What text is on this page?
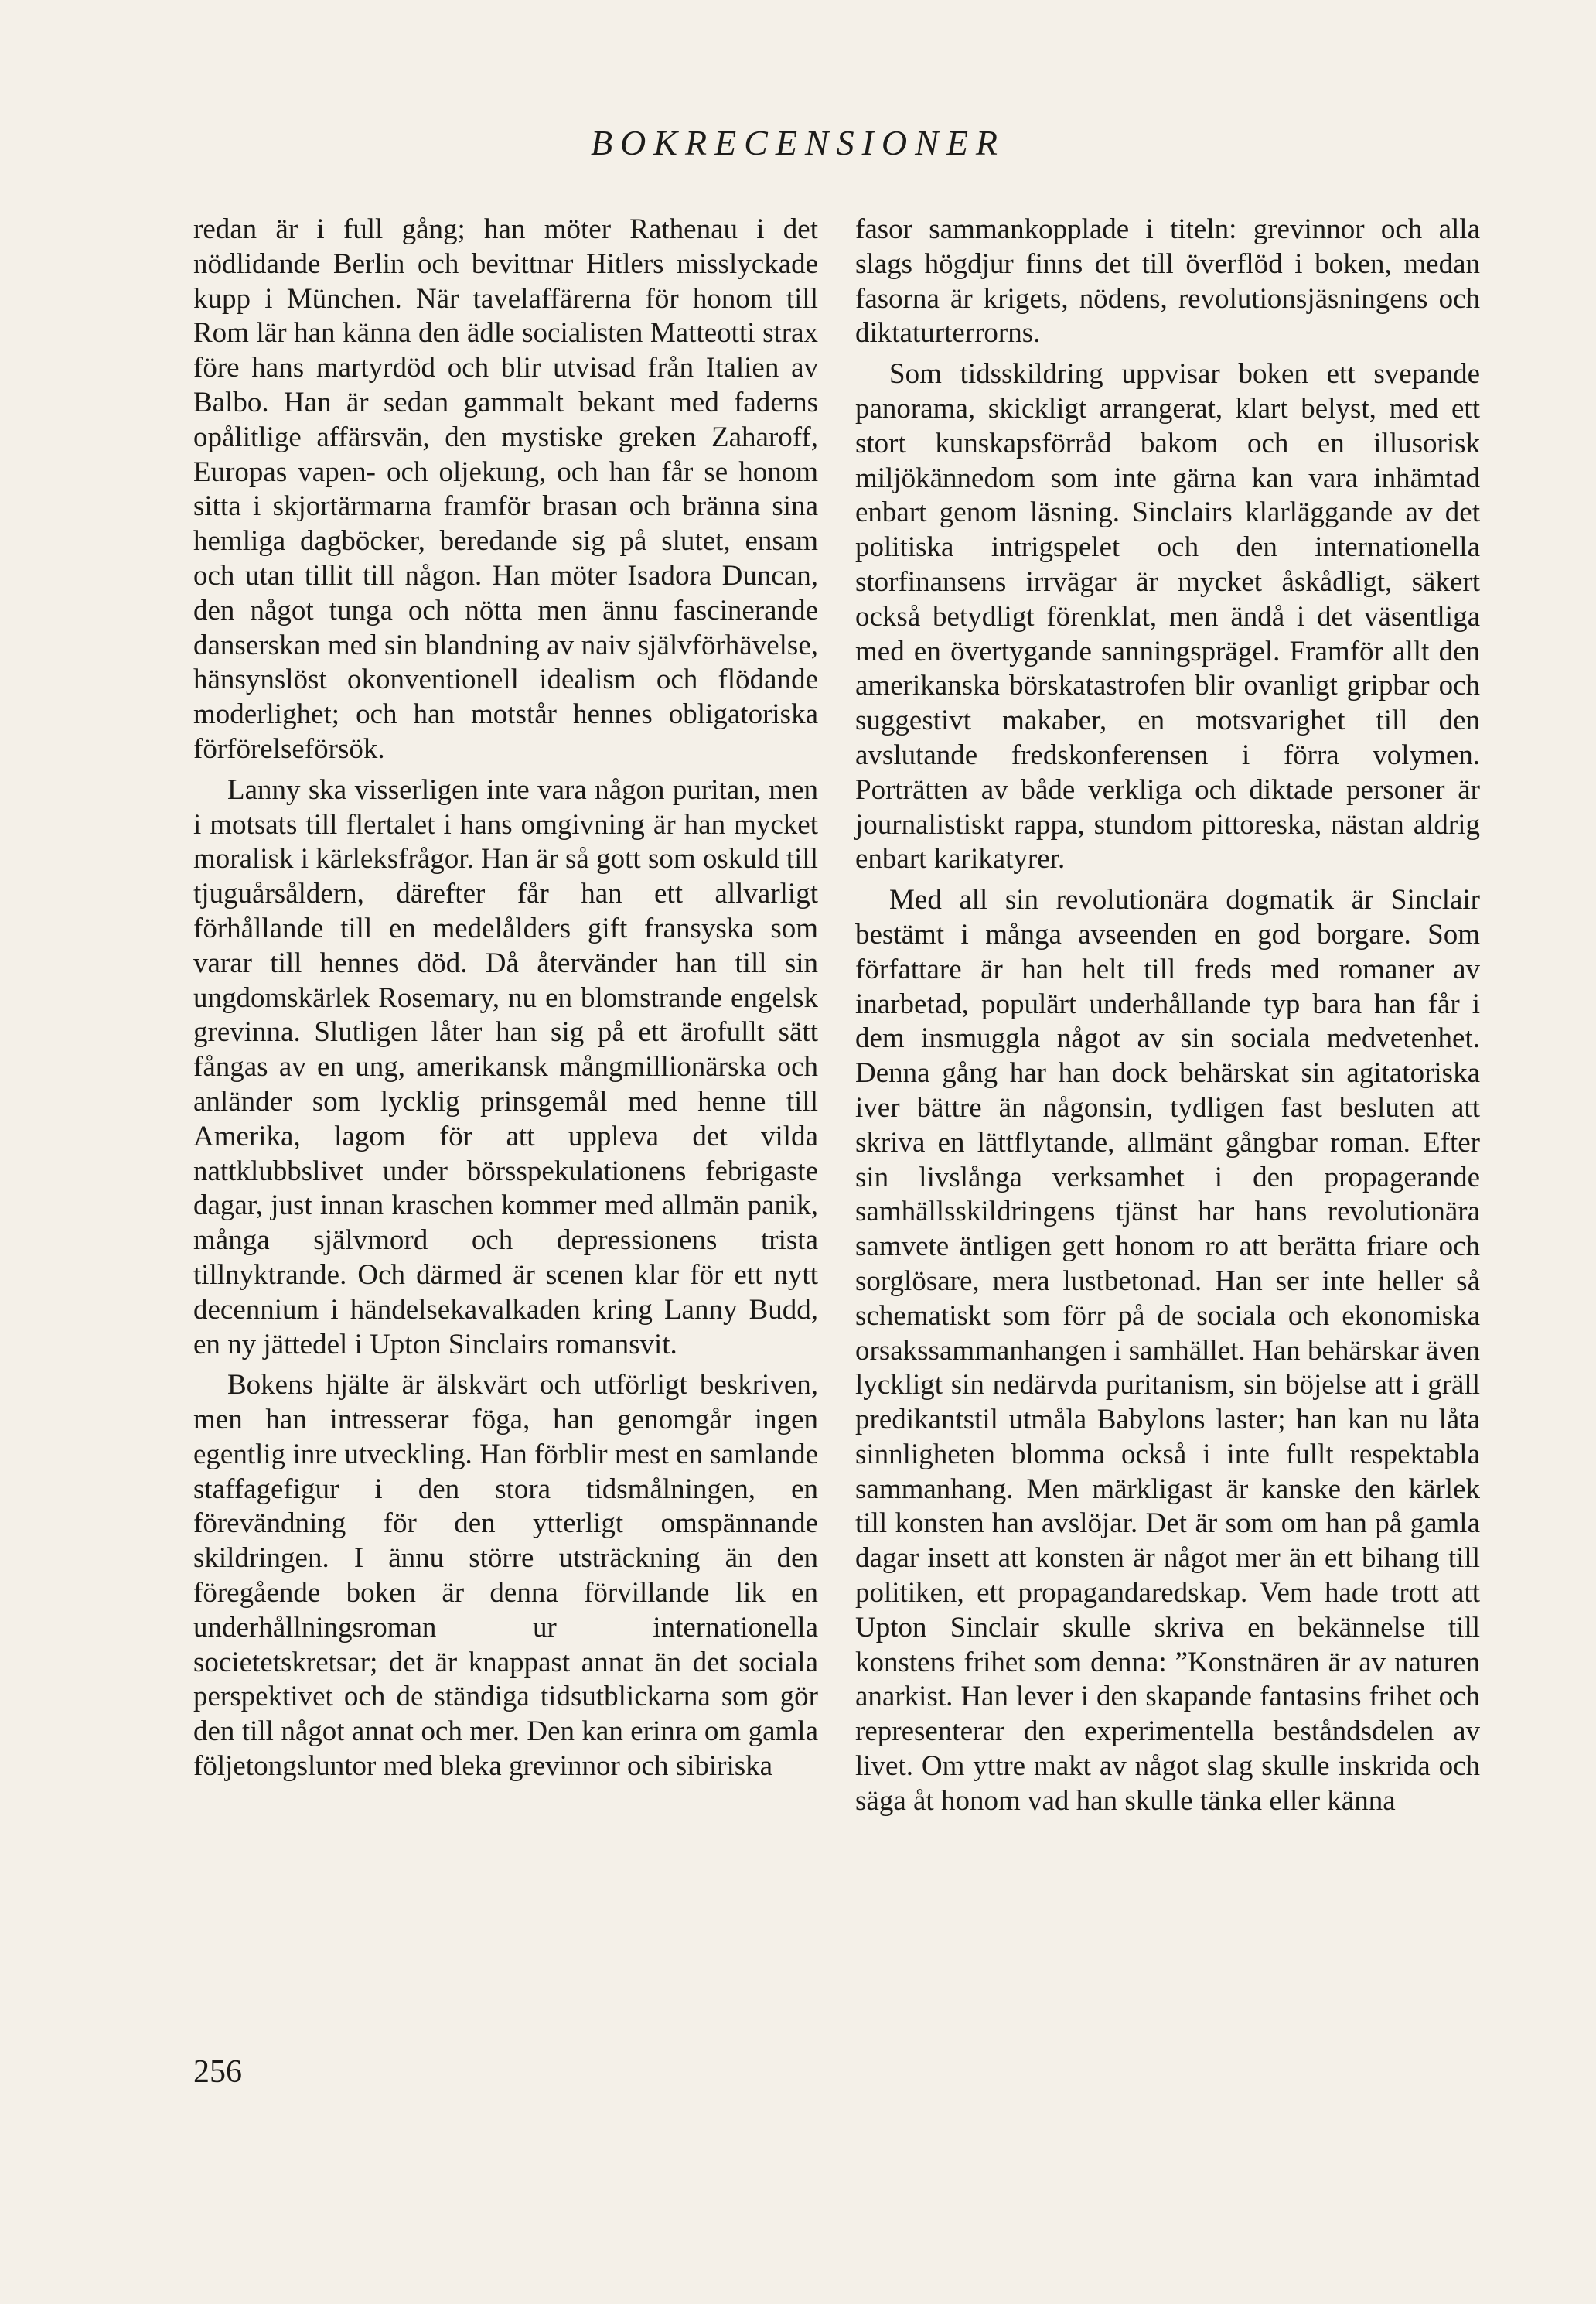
BOKRECENSIONER

redan är i full gång; han möter Rathenau i det nödlidande Berlin och bevittnar Hitlers misslyckade kupp i München. När tavelaffärerna för honom till Rom lär han känna den ädle socialisten Matteotti strax före hans martyrdöd och blir utvisad från Italien av Balbo. Han är sedan gammalt bekant med faderns opålitlige affärsvän, den mystiske greken Zaharoff, Europas vapen- och oljekung, och han får se honom sitta i skjortärmarna framför brasan och bränna sina hemliga dagböcker, beredande sig på slutet, ensam och utan tillit till någon. Han möter Isadora Duncan, den något tunga och nötta men ännu fascinerande danserskan med sin blandning av naiv självförhävelse, hänsynslöst okonventionell idealism och flödande moderlighet; och han motstår hennes obligatoriska förförelseförsök.

Lanny ska visserligen inte vara någon puritan, men i motsats till flertalet i hans omgivning är han mycket moralisk i kärleksfrågor. Han är så gott som oskuld till tjuguårsåldern, därefter får han ett allvarligt förhållande till en medelålders gift fransyska som varar till hennes död. Då återvänder han till sin ungdomskärlek Rosemary, nu en blomstrande engelsk grevinna. Slutligen låter han sig på ett ärofullt sätt fångas av en ung, amerikansk mångmillionärska och anländer som lycklig prinsgemål med henne till Amerika, lagom för att uppleva det vilda nattklubbslivet under börsspekulationens febrigaste dagar, just innan kraschen kommer med allmän panik, många självmord och depressionens trista tillnyktrande. Och därmed är scenen klar för ett nytt decennium i händelsekavalkaden kring Lanny Budd, en ny jättedel i Upton Sinclairs romansvit.

Bokens hjälte är älskvärt och utförligt beskriven, men han intresserar föga, han genomgår ingen egentlig inre utveckling. Han förblir mest en samlande staffagefigur i den stora tidsmålningen, en förevändning för den ytterligt omspännande skildringen. I ännu större utsträckning än den föregående boken är denna förvillande lik en underhållningsroman ur internationella societetskretsar; det är knappast annat än det sociala perspektivet och de ständiga tidsutblickarna som gör den till något annat och mer. Den kan erinra om gamla följetongsluntor med bleka grevinnor och sibiriska

fasor sammankopplade i titeln: grevinnor och alla slags högdjur finns det till överflöd i boken, medan fasorna är krigets, nödens, revolutionsjäsningens och diktaturterrorns.

Som tidsskildring uppvisar boken ett svepande panorama, skickligt arrangerat, klart belyst, med ett stort kunskapsförråd bakom och en illusorisk miljökännedom som inte gärna kan vara inhämtad enbart genom läsning. Sinclairs klarläggande av det politiska intrigspelet och den internationella storfinansens irrvägar är mycket åskådligt, säkert också betydligt förenklat, men ändå i det väsentliga med en övertygande sanningsprägel. Framför allt den amerikanska börskatastrofen blir ovanligt gripbar och suggestivt makaber, en motsvarighet till den avslutande fredskonferensen i förra volymen. Porträtten av både verkliga och diktade personer är journalistiskt rappa, stundom pittoreska, nästan aldrig enbart karikatyrer.

Med all sin revolutionära dogmatik är Sinclair bestämt i många avseenden en god borgare. Som författare är han helt till freds med romaner av inarbetad, populärt underhållande typ bara han får i dem insmuggla något av sin sociala medvetenhet. Denna gång har han dock behärskat sin agitatoriska iver bättre än någonsin, tydligen fast besluten att skriva en lättflytande, allmänt gångbar roman. Efter sin livslånga verksamhet i den propagerande samhällsskildringens tjänst har hans revolutionära samvete äntligen gett honom ro att berätta friare och sorglösare, mera lustbetonad. Han ser inte heller så schematiskt som förr på de sociala och ekonomiska orsakssammanhangen i samhället. Han behärskar även lyckligt sin nedärvda puritanism, sin böjelse att i gräll predikantstil utmåla Babylons laster; han kan nu låta sinnligheten blomma också i inte fullt respektabla sammanhang. Men märkligast är kanske den kärlek till konsten han avslöjar. Det är som om han på gamla dagar insett att konsten är något mer än ett bihang till politiken, ett propagandaredskap. Vem hade trott att Upton Sinclair skulle skriva en bekännelse till konstens frihet som denna: ”Konstnären är av naturen anarkist. Han lever i den skapande fantasins frihet och representerar den experimentella beståndsdelen av livet. Om yttre makt av något slag skulle inskrida och säga åt honom vad han skulle tänka eller känna

256
